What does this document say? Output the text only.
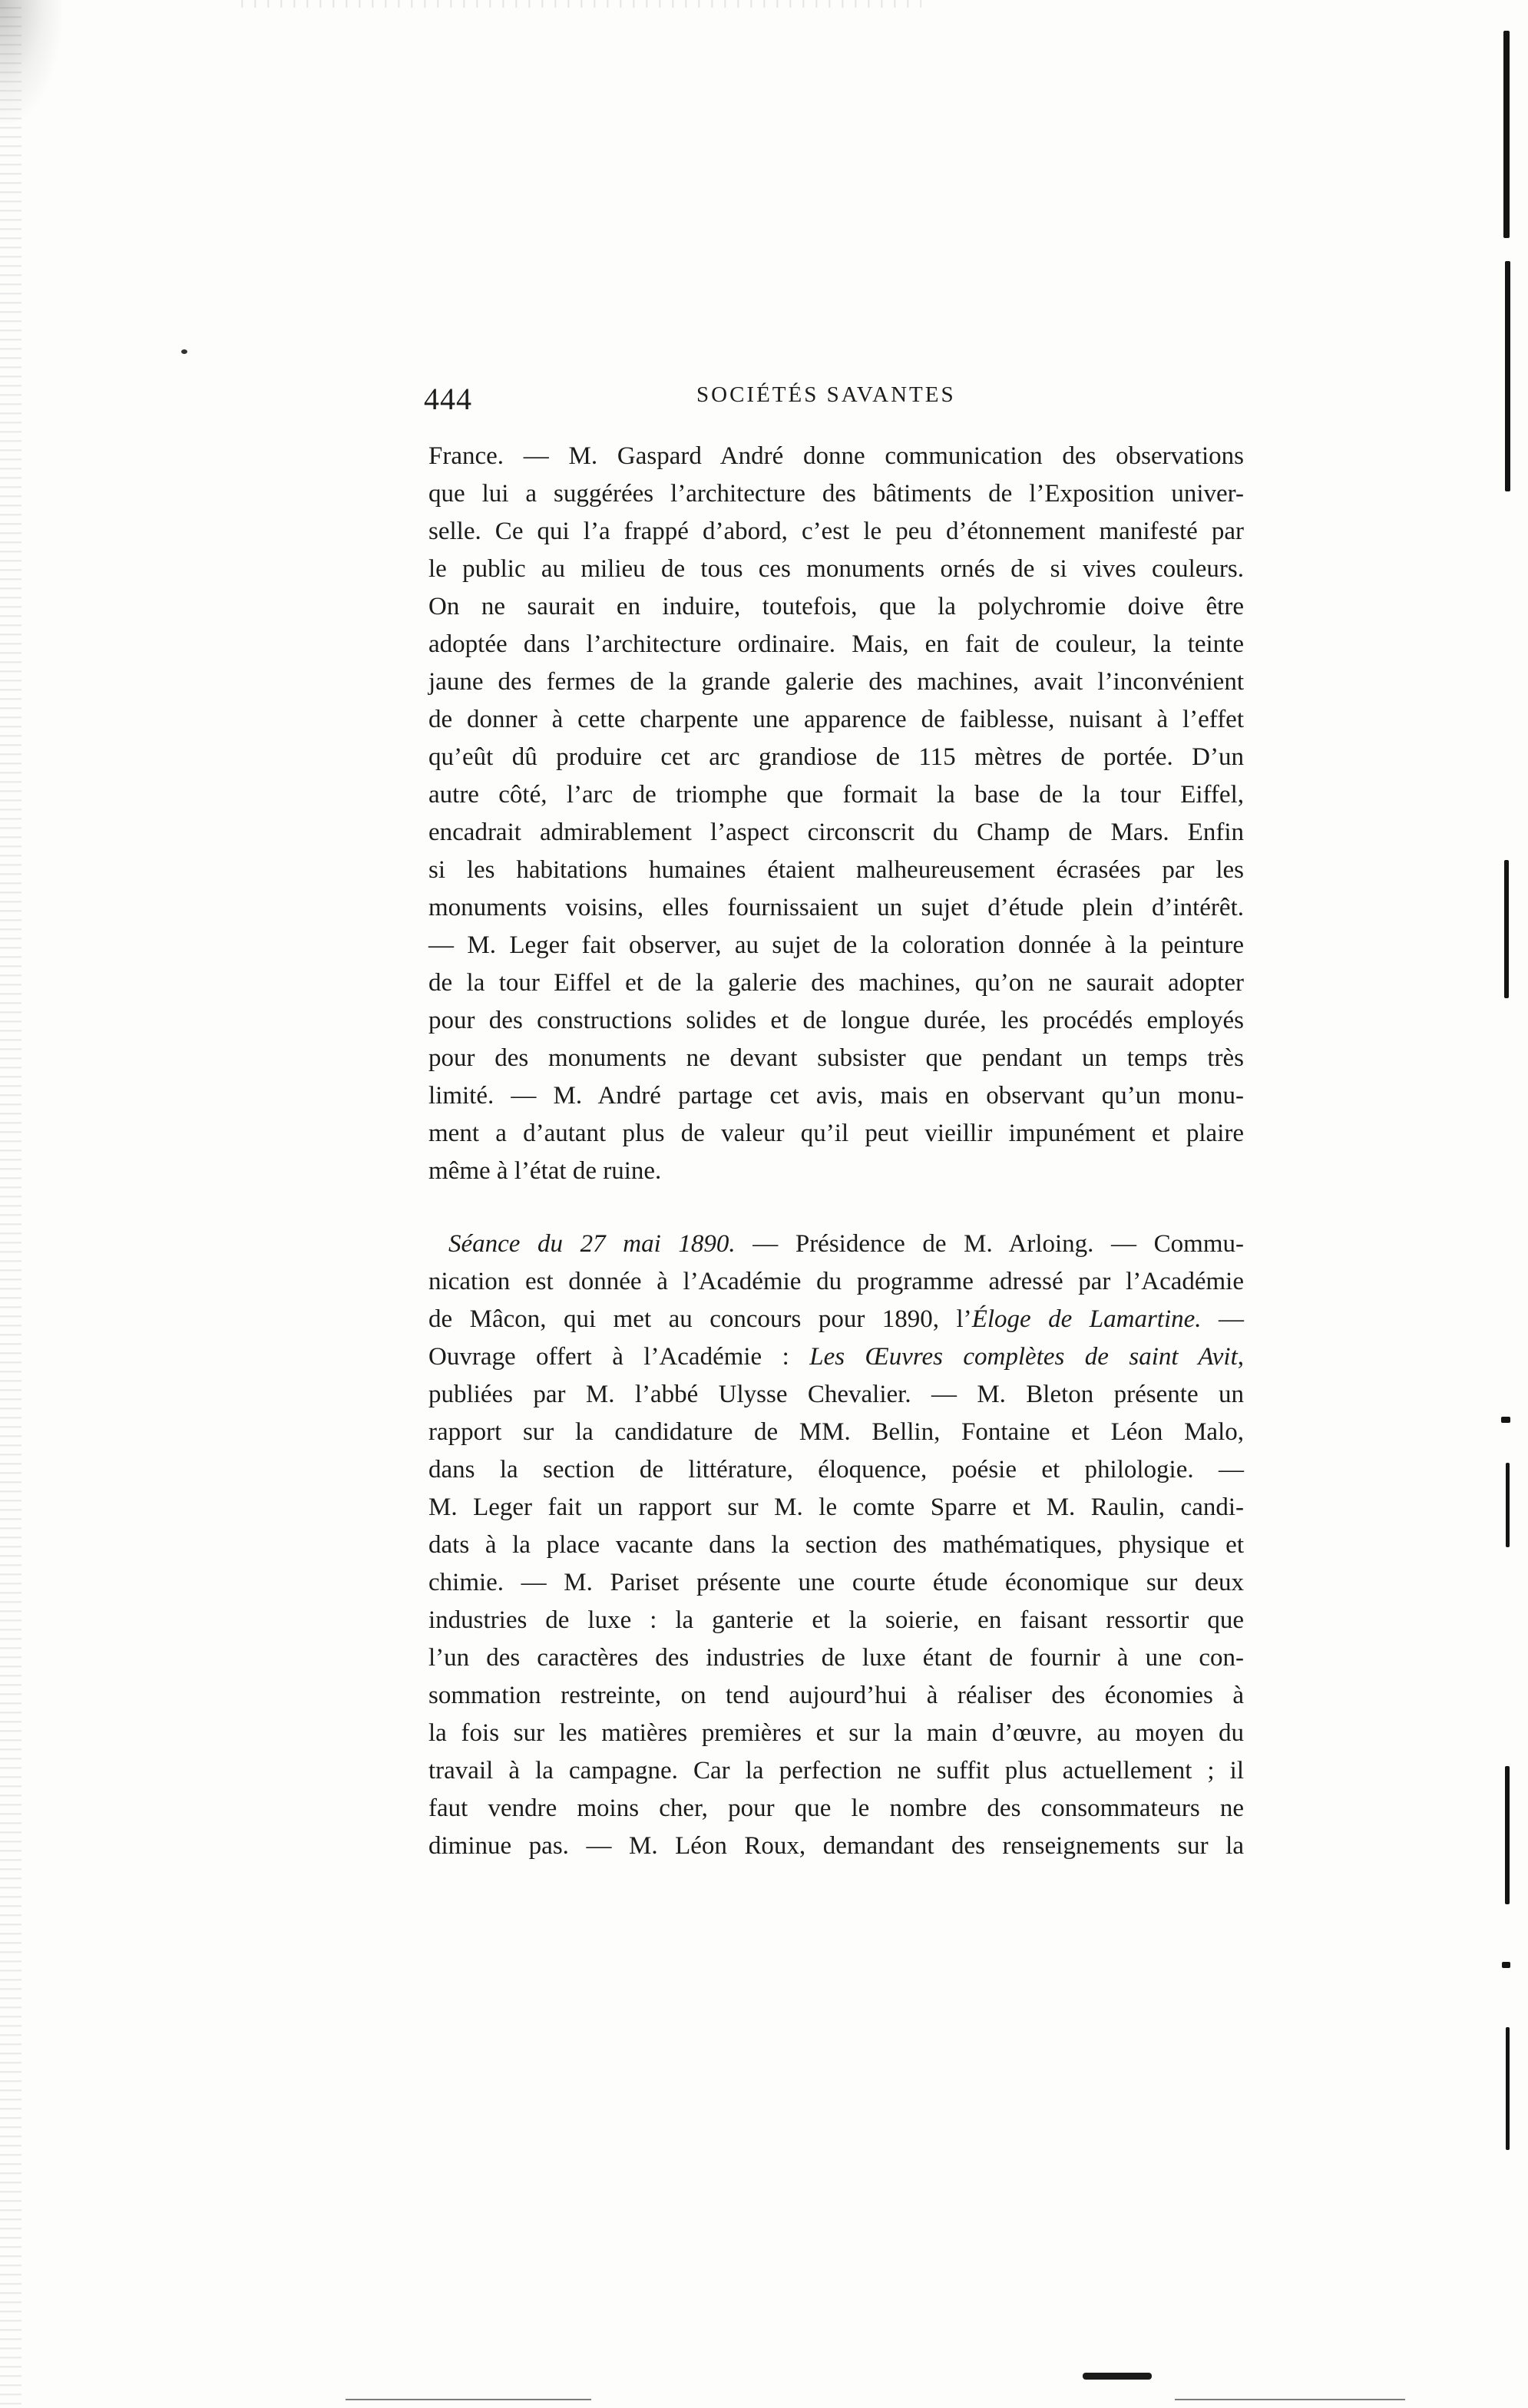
444	SOCIÉTÉS SAVANTES
France. — M. Gaspard André donne communication des observations
que lui a suggérées l’architecture des bâtiments de l’Exposition univer-
selle. Ce qui l’a frappé d’abord, c’est le peu d’étonnement manifesté par
le public au milieu de tous ces monuments ornés de si vives couleurs.
On ne saurait en induire, toutefois, que la polychromie doive être
adoptée dans l’architecture ordinaire. Mais, en fait de couleur, la teinte
jaune des fermes de la grande galerie des machines, avait l’inconvénient
de donner à cette charpente une apparence de faiblesse, nuisant à l’effet
qu’eût dû produire cet arc grandiose de 115 mètres de portée. D’un
autre côté, l’arc de triomphe que formait la base de la tour Eiffel,
encadrait admirablement l’aspect circonscrit du Champ de Mars. Enfin
si les habitations humaines étaient malheureusement écrasées par les
monuments voisins, elles fournissaient un sujet d’étude plein d’intérêt.
— M. Leger fait observer, au sujet de la coloration donnée à la peinture
de la tour Eiffel et de la galerie des machines, qu’on ne saurait adopter
pour des constructions solides et de longue durée, les procédés employés
pour des monuments ne devant subsister que pendant un temps très
limité. — M. André partage cet avis, mais en observant qu’un monu-
ment a d’autant plus de valeur qu’il peut vieillir impunément et plaire
même à l’état de ruine.
Séance du 27 mai 1890. — Présidence de M. Arloing. — Commu-
nication est donnée à l’Académie du programme adressé par l’Académie
de Mâcon, qui met au concours pour 1890, l’Éloge de Lamartine. —
Ouvrage offert à l’Académie : Les Œuvres complètes de saint Avit,
publiées par M. l’abbé Ulysse Chevalier. — M. Bleton présente un
rapport sur la candidature de MM. Bellin, Fontaine et Léon Malo,
dans la section de littérature, éloquence, poésie et philologie. —
M. Leger fait un rapport sur M. le comte Sparre et M. Raulin, candi-
dats à la place vacante dans la section des mathématiques, physique et
chimie. — M. Pariset présente une courte étude économique sur deux
industries de luxe : la ganterie et la soierie, en faisant ressortir que
l’un des caractères des industries de luxe étant de fournir à une con-
sommation restreinte, on tend aujourd’hui à réaliser des économies à
la fois sur les matières premières et sur la main d’œuvre, au moyen du
travail à la campagne. Car la perfection ne suffit plus actuellement ; il
faut vendre moins cher, pour que le nombre des consommateurs ne
diminue pas. — M. Léon Roux, demandant des renseignements sur la
